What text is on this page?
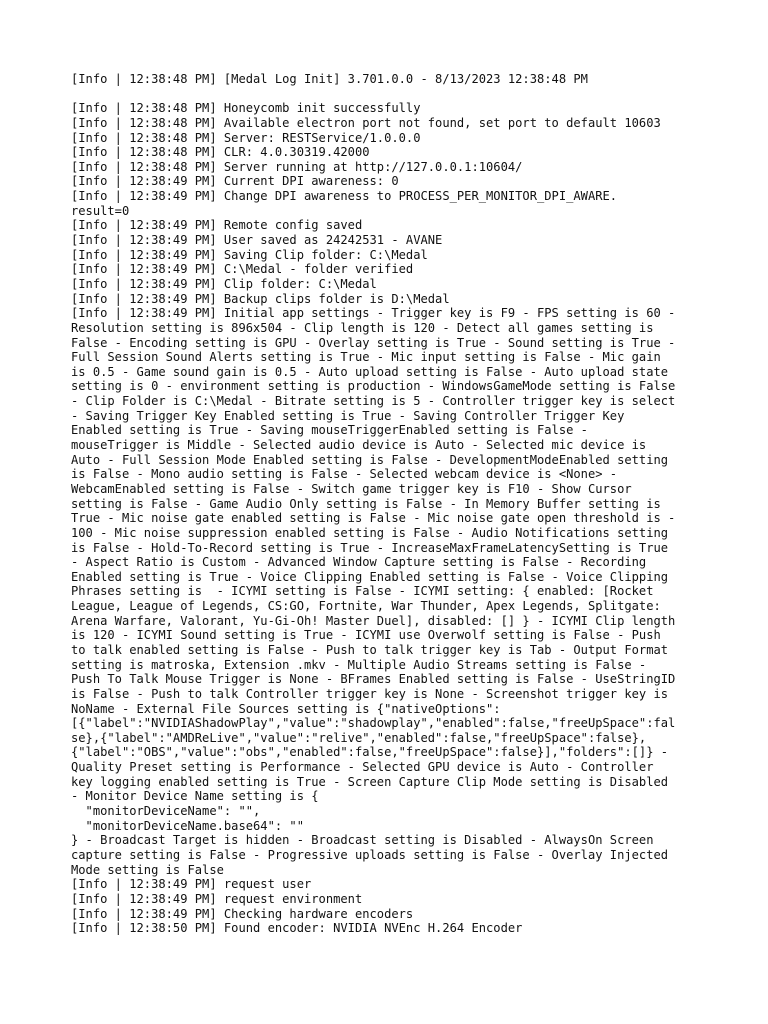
[Info | 12:38:48 PM] [Medal Log Init] 3.701.0.0 - 8/13/2023 12:38:48 PM
[Info | 12:38:48 PM] Honeycomb init successfully
[Info | 12:38:48 PM] Available electron port not found, set port to default 10603
[Info | 12:38:48 PM] Server: RESTService/1.0.0.0
[Info | 12:38:48 PM] CLR: 4.0.30319.42000
[Info | 12:38:48 PM] Server running at http://127.0.0.1:10604/
[Info | 12:38:49 PM] Current DPI awareness: 0
[Info | 12:38:49 PM] Change DPI awareness to PROCESS_PER_MONITOR_DPI_AWARE.
result=0
[Info | 12:38:49 PM] Remote config saved
[Info | 12:38:49 PM] User saved as 24242531 - AVANE
[Info | 12:38:49 PM] Saving Clip folder: C:\Medal
[Info | 12:38:49 PM] C:\Medal - folder verified
[Info | 12:38:49 PM] Clip folder: C:\Medal
[Info | 12:38:49 PM] Backup clips folder is D:\Medal
[Info | 12:38:49 PM] Initial app settings - Trigger key is F9 - FPS setting is 60 -
Resolution setting is 896x504 - Clip length is 120 - Detect all games setting is
False - Encoding setting is GPU - Overlay setting is True - Sound setting is True -
Full Session Sound Alerts setting is True - Mic input setting is False - Mic gain
is 0.5 - Game sound gain is 0.5 - Auto upload setting is False - Auto upload state
setting is 0 - environment setting is production - WindowsGameMode setting is False
- Clip Folder is C:\Medal - Bitrate setting is 5 - Controller trigger key is select
- Saving Trigger Key Enabled setting is True - Saving Controller Trigger Key
Enabled setting is True - Saving mouseTriggerEnabled setting is False -
mouseTrigger is Middle - Selected audio device is Auto - Selected mic device is
Auto - Full Session Mode Enabled setting is False - DevelopmentModeEnabled setting
is False - Mono audio setting is False - Selected webcam device is <None> -
WebcamEnabled setting is False - Switch game trigger key is F10 - Show Cursor
setting is False - Game Audio Only setting is False - In Memory Buffer setting is
True - Mic noise gate enabled setting is False - Mic noise gate open threshold is -
100 - Mic noise suppression enabled setting is False - Audio Notifications setting
is False - Hold-To-Record setting is True - IncreaseMaxFrameLatencySetting is True
- Aspect Ratio is Custom - Advanced Window Capture setting is False - Recording
Enabled setting is True - Voice Clipping Enabled setting is False - Voice Clipping
Phrases setting is  - ICYMI setting is False - ICYMI setting: { enabled: [Rocket
League, League of Legends, CS:GO, Fortnite, War Thunder, Apex Legends, Splitgate:
Arena Warfare, Valorant, Yu-Gi-Oh! Master Duel], disabled: [] } - ICYMI Clip length
is 120 - ICYMI Sound setting is True - ICYMI use Overwolf setting is False - Push
to talk enabled setting is False - Push to talk trigger key is Tab - Output Format
setting is matroska, Extension .mkv - Multiple Audio Streams setting is False -
Push To Talk Mouse Trigger is None - BFrames Enabled setting is False - UseStringID
is False - Push to talk Controller trigger key is None - Screenshot trigger key is
NoName - External File Sources setting is {"nativeOptions":
[{"label":"NVIDIAShadowPlay","value":"shadowplay","enabled":false,"freeUpSpace":fal
se},{"label":"AMDReLive","value":"relive","enabled":false,"freeUpSpace":false},
{"label":"OBS","value":"obs","enabled":false,"freeUpSpace":false}],"folders":[]} -
Quality Preset setting is Performance - Selected GPU device is Auto - Controller
key logging enabled setting is True - Screen Capture Clip Mode setting is Disabled
- Monitor Device Name setting is {
"monitorDeviceName": "",
"monitorDeviceName.base64": ""
} - Broadcast Target is hidden - Broadcast setting is Disabled - AlwaysOn Screen
capture setting is False - Progressive uploads setting is False - Overlay Injected
Mode setting is False
[Info | 12:38:49 PM] request user
[Info | 12:38:49 PM] request environment
[Info | 12:38:49 PM] Checking hardware encoders
[Info | 12:38:50 PM] Found encoder: NVIDIA NVEnc H.264 Encoder
